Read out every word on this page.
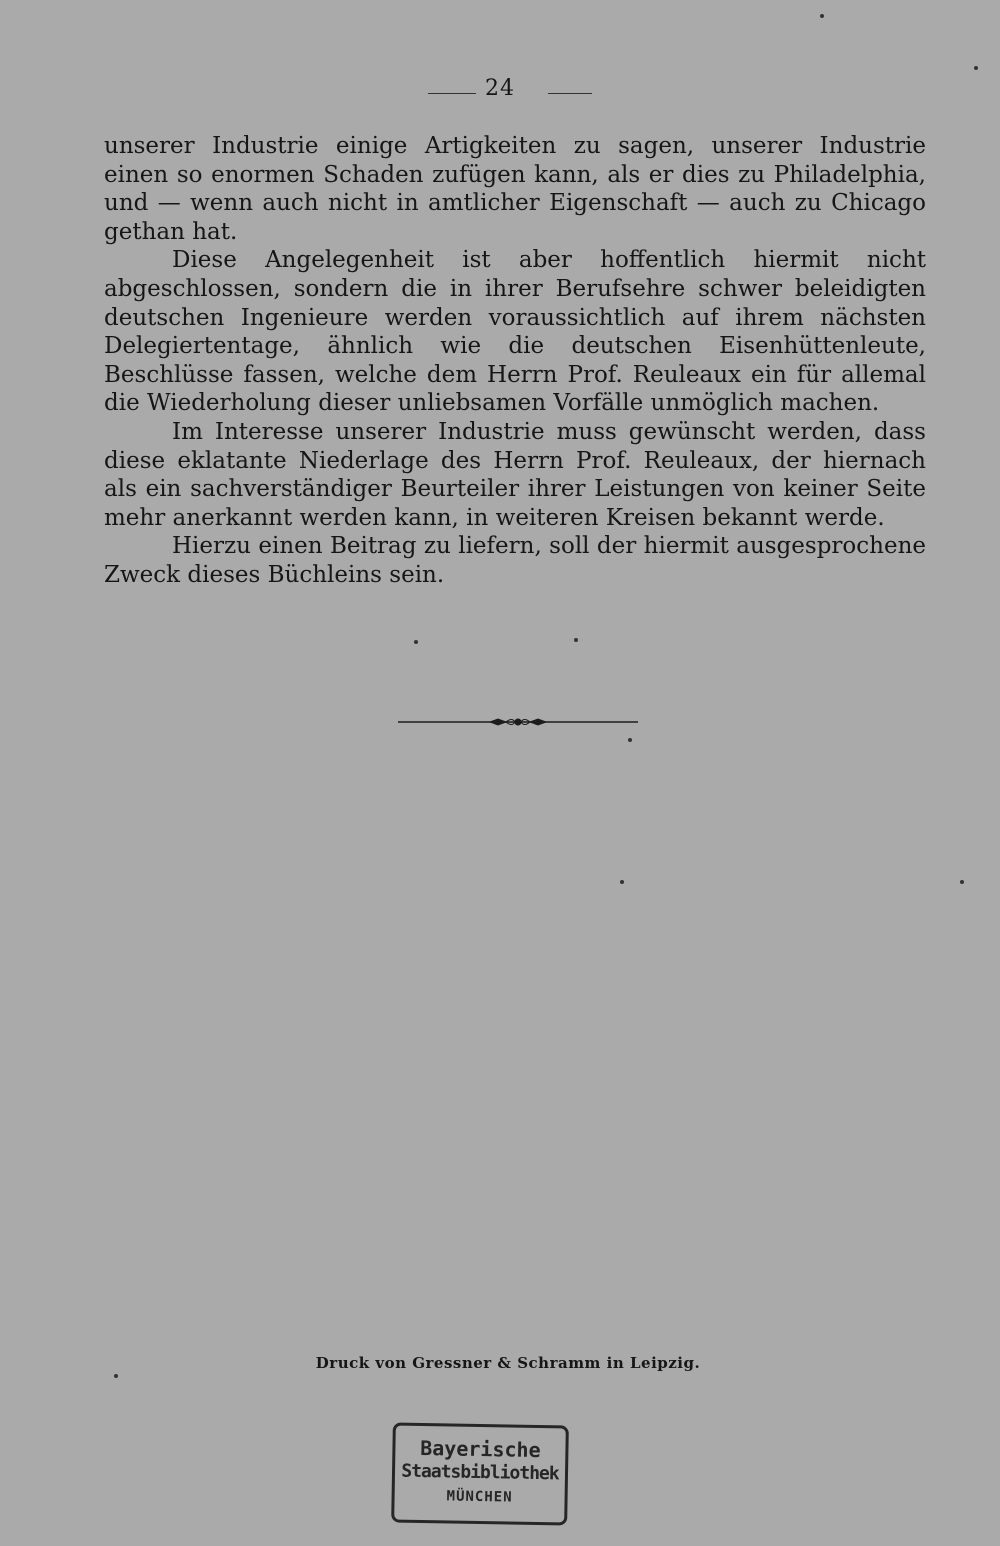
24

unserer Industrie einige Artigkeiten zu sagen, unserer Industrie einen so enormen Schaden zufügen kann, als er dies zu Philadelphia, und — wenn auch nicht in amtlicher Eigenschaft — auch zu Chicago gethan hat.

Diese Angelegenheit ist aber hoffentlich hiermit nicht abgeschlossen, sondern die in ihrer Berufsehre schwer beleidigten deutschen Ingenieure werden voraussichtlich auf ihrem nächsten Delegiertentage, ähnlich wie die deutschen Eisenhüttenleute, Beschlüsse fassen, welche dem Herrn Prof. Reuleaux ein für allemal die Wiederholung dieser unliebsamen Vorfälle unmöglich machen.

Im Interesse unserer Industrie muss gewünscht werden, dass diese eklatante Niederlage des Herrn Prof. Reuleaux, der hiernach als ein sachverständiger Beurteiler ihrer Leistungen von keiner Seite mehr anerkannt werden kann, in weiteren Kreisen bekannt werde.

Hierzu einen Beitrag zu liefern, soll der hiermit ausgesprochene Zweck dieses Büchleins sein.

Druck von Gressner & Schramm in Leipzig.
Bayerische
Staatsbibliothek
MÜNCHEN
